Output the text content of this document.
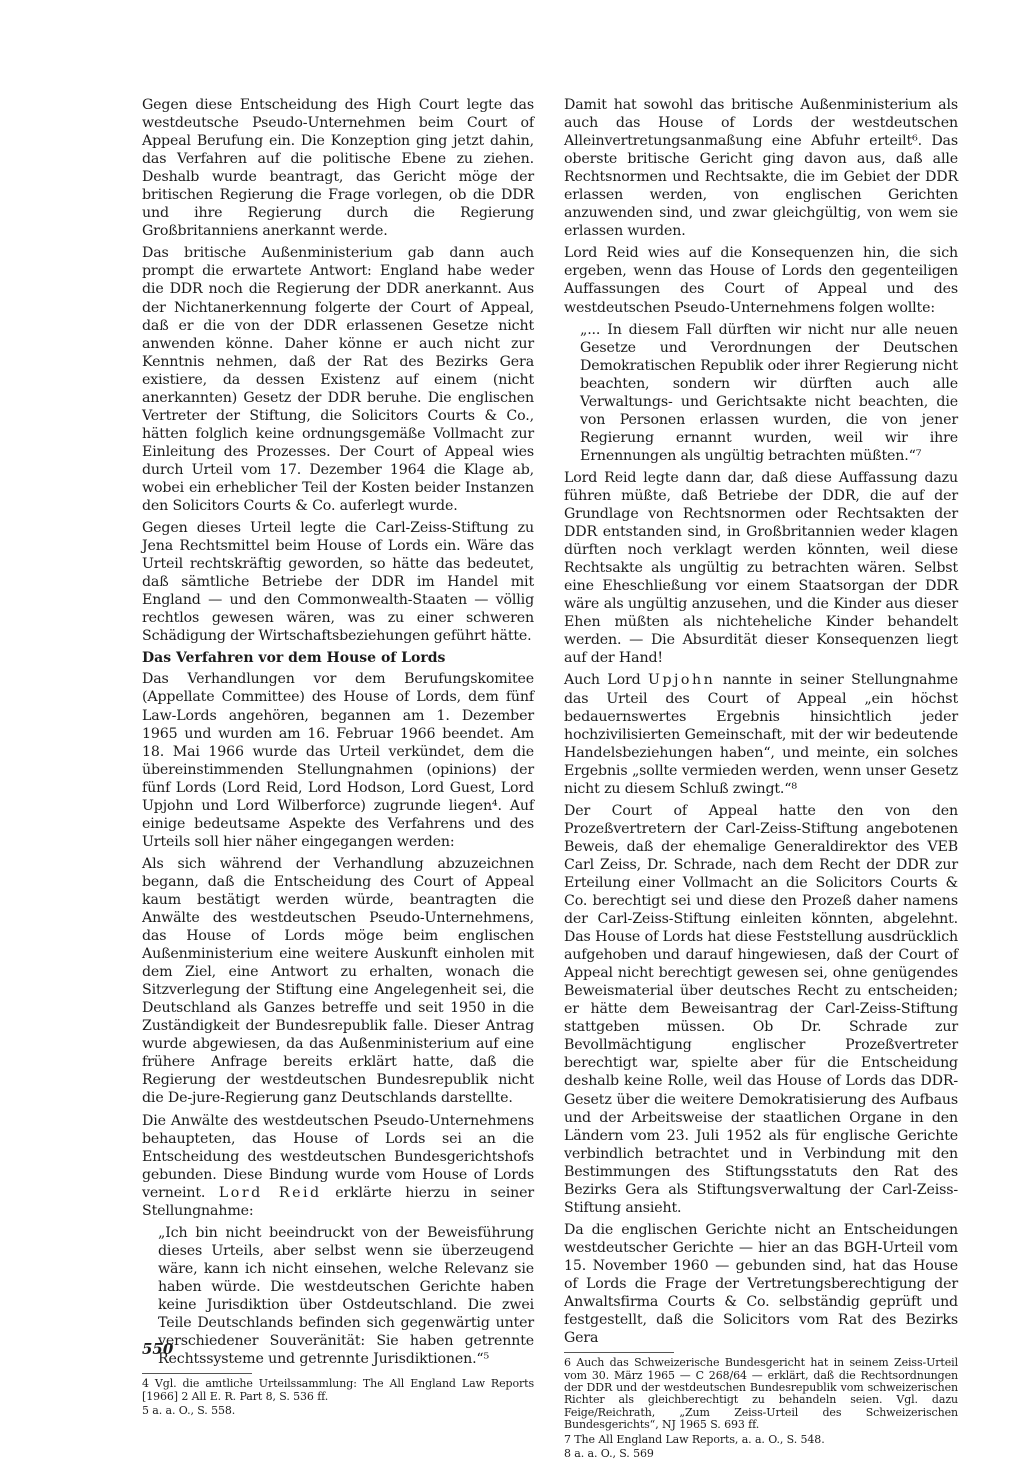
Gegen diese Entscheidung des High Court legte das westdeutsche Pseudo-Unternehmen beim Court of Appeal Berufung ein. Die Konzeption ging jetzt dahin, das Verfahren auf die politische Ebene zu ziehen. Deshalb wurde beantragt, das Gericht möge der britischen Regierung die Frage vorlegen, ob die DDR und ihre Regierung durch die Regierung Großbritanniens anerkannt werde.

Das britische Außenministerium gab dann auch prompt die erwartete Antwort: England habe weder die DDR noch die Regierung der DDR anerkannt. Aus der Nichtanerkennung folgerte der Court of Appeal, daß er die von der DDR erlassenen Gesetze nicht anwenden könne. Daher könne er auch nicht zur Kenntnis nehmen, daß der Rat des Bezirks Gera existiere, da dessen Existenz auf einem (nicht anerkannten) Gesetz der DDR beruhe. Die englischen Vertreter der Stiftung, die Solicitors Courts & Co., hätten folglich keine ordnungsgemäße Vollmacht zur Einleitung des Prozesses. Der Court of Appeal wies durch Urteil vom 17. Dezember 1964 die Klage ab, wobei ein erheblicher Teil der Kosten beider Instanzen den Solicitors Courts & Co. auferlegt wurde.

Gegen dieses Urteil legte die Carl-Zeiss-Stiftung zu Jena Rechtsmittel beim House of Lords ein. Wäre das Urteil rechtskräftig geworden, so hätte das bedeutet, daß sämtliche Betriebe der DDR im Handel mit England — und den Commonwealth-Staaten — völlig rechtlos gewesen wären, was zu einer schweren Schädigung der Wirtschaftsbeziehungen geführt hätte.

Das Verfahren vor dem House of Lords

Das Verhandlungen vor dem Berufungskomitee (Appellate Committee) des House of Lords, dem fünf Law-Lords angehören, begannen am 1. Dezember 1965 und wurden am 16. Februar 1966 beendet. Am 18. Mai 1966 wurde das Urteil verkündet, dem die übereinstimmenden Stellungnahmen (opinions) der fünf Lords (Lord Reid, Lord Hodson, Lord Guest, Lord Upjohn und Lord Wilberforce) zugrunde liegen⁴. Auf einige bedeutsame Aspekte des Verfahrens und des Urteils soll hier näher eingegangen werden:

Als sich während der Verhandlung abzuzeichnen begann, daß die Entscheidung des Court of Appeal kaum bestätigt werden würde, beantragten die Anwälte des westdeutschen Pseudo-Unternehmens, das House of Lords möge beim englischen Außenministerium eine weitere Auskunft einholen mit dem Ziel, eine Antwort zu erhalten, wonach die Sitzverlegung der Stiftung eine Angelegenheit sei, die Deutschland als Ganzes betreffe und seit 1950 in die Zuständigkeit der Bundesrepublik falle. Dieser Antrag wurde abgewiesen, da das Außenministerium auf eine frühere Anfrage bereits erklärt hatte, daß die Regierung der westdeutschen Bundesrepublik nicht die De-jure-Regierung ganz Deutschlands darstellte.

Die Anwälte des westdeutschen Pseudo-Unternehmens behaupteten, das House of Lords sei an die Entscheidung des westdeutschen Bundesgerichtshofs gebunden. Diese Bindung wurde vom House of Lords verneint. Lord Reid erklärte hierzu in seiner Stellungnahme:

„Ich bin nicht beeindruckt von der Beweisführung dieses Urteils, aber selbst wenn sie überzeugend wäre, kann ich nicht einsehen, welche Relevanz sie haben würde. Die westdeutschen Gerichte haben keine Jurisdiktion über Ostdeutschland. Die zwei Teile Deutschlands befinden sich gegenwärtig unter verschiedener Souveränität: Sie haben getrennte Rechtssysteme und getrennte Jurisdiktionen.“⁵

4 Vgl. die amtliche Urteilssammlung: The All England Law Reports [1966] 2 All E. R. Part 8, S. 536 ff.

5 a. a. O., S. 558.

Damit hat sowohl das britische Außenministerium als auch das House of Lords der westdeutschen Alleinvertretungsanmaßung eine Abfuhr erteilt⁶. Das oberste britische Gericht ging davon aus, daß alle Rechtsnormen und Rechtsakte, die im Gebiet der DDR erlassen werden, von englischen Gerichten anzuwenden sind, und zwar gleichgültig, von wem sie erlassen wurden.

Lord Reid wies auf die Konsequenzen hin, die sich ergeben, wenn das House of Lords den gegenteiligen Auffassungen des Court of Appeal und des westdeutschen Pseudo-Unternehmens folgen wollte:

„... In diesem Fall dürften wir nicht nur alle neuen Gesetze und Verordnungen der Deutschen Demokratischen Republik oder ihrer Regierung nicht beachten, sondern wir dürften auch alle Verwaltungs- und Gerichtsakte nicht beachten, die von Personen erlassen wurden, die von jener Regierung ernannt wurden, weil wir ihre Ernennungen als ungültig betrachten müßten.“⁷

Lord Reid legte dann dar, daß diese Auffassung dazu führen müßte, daß Betriebe der DDR, die auf der Grundlage von Rechtsnormen oder Rechtsakten der DDR entstanden sind, in Großbritannien weder klagen dürften noch verklagt werden könnten, weil diese Rechtsakte als ungültig zu betrachten wären. Selbst eine Eheschließung vor einem Staatsorgan der DDR wäre als ungültig anzusehen, und die Kinder aus dieser Ehen müßten als nichteheliche Kinder behandelt werden. — Die Absurdität dieser Konsequenzen liegt auf der Hand!

Auch Lord Upjohn nannte in seiner Stellungnahme das Urteil des Court of Appeal „ein höchst bedauernswertes Ergebnis hinsichtlich jeder hochzivilisierten Gemeinschaft, mit der wir bedeutende Handelsbeziehungen haben“, und meinte, ein solches Ergebnis „sollte vermieden werden, wenn unser Gesetz nicht zu diesem Schluß zwingt.“⁸

Der Court of Appeal hatte den von den Prozeßvertretern der Carl-Zeiss-Stiftung angebotenen Beweis, daß der ehemalige Generaldirektor des VEB Carl Zeiss, Dr. Schrade, nach dem Recht der DDR zur Erteilung einer Vollmacht an die Solicitors Courts & Co. berechtigt sei und diese den Prozeß daher namens der Carl-Zeiss-Stiftung einleiten könnten, abgelehnt. Das House of Lords hat diese Feststellung ausdrücklich aufgehoben und darauf hingewiesen, daß der Court of Appeal nicht berechtigt gewesen sei, ohne genügendes Beweismaterial über deutsches Recht zu entscheiden; er hätte dem Beweisantrag der Carl-Zeiss-Stiftung stattgeben müssen. Ob Dr. Schrade zur Bevollmächtigung englischer Prozeßvertreter berechtigt war, spielte aber für die Entscheidung deshalb keine Rolle, weil das House of Lords das DDR-Gesetz über die weitere Demokratisierung des Aufbaus und der Arbeitsweise der staatlichen Organe in den Ländern vom 23. Juli 1952 als für englische Gerichte verbindlich betrachtet und in Verbindung mit den Bestimmungen des Stiftungsstatuts den Rat des Bezirks Gera als Stiftungsverwaltung der Carl-Zeiss-Stiftung ansieht.

Da die englischen Gerichte nicht an Entscheidungen westdeutscher Gerichte — hier an das BGH-Urteil vom 15. November 1960 — gebunden sind, hat das House of Lords die Frage der Vertretungsberechtigung der Anwaltsfirma Courts & Co. selbständig geprüft und festgestellt, daß die Solicitors vom Rat des Bezirks Gera

6 Auch das Schweizerische Bundesgericht hat in seinem Zeiss-Urteil vom 30. März 1965 — C 268/64 — erklärt, daß die Rechtsordnungen der DDR und der westdeutschen Bundesrepublik vom schweizerischen Richter als gleichberechtigt zu behandeln seien. Vgl. dazu Feige/Reichrath, „Zum Zeiss-Urteil des Schweizerischen Bundesgerichts“, NJ 1965 S. 693 ff.

7 The All England Law Reports, a. a. O., S. 548.

8 a. a. O., S. 569

550
